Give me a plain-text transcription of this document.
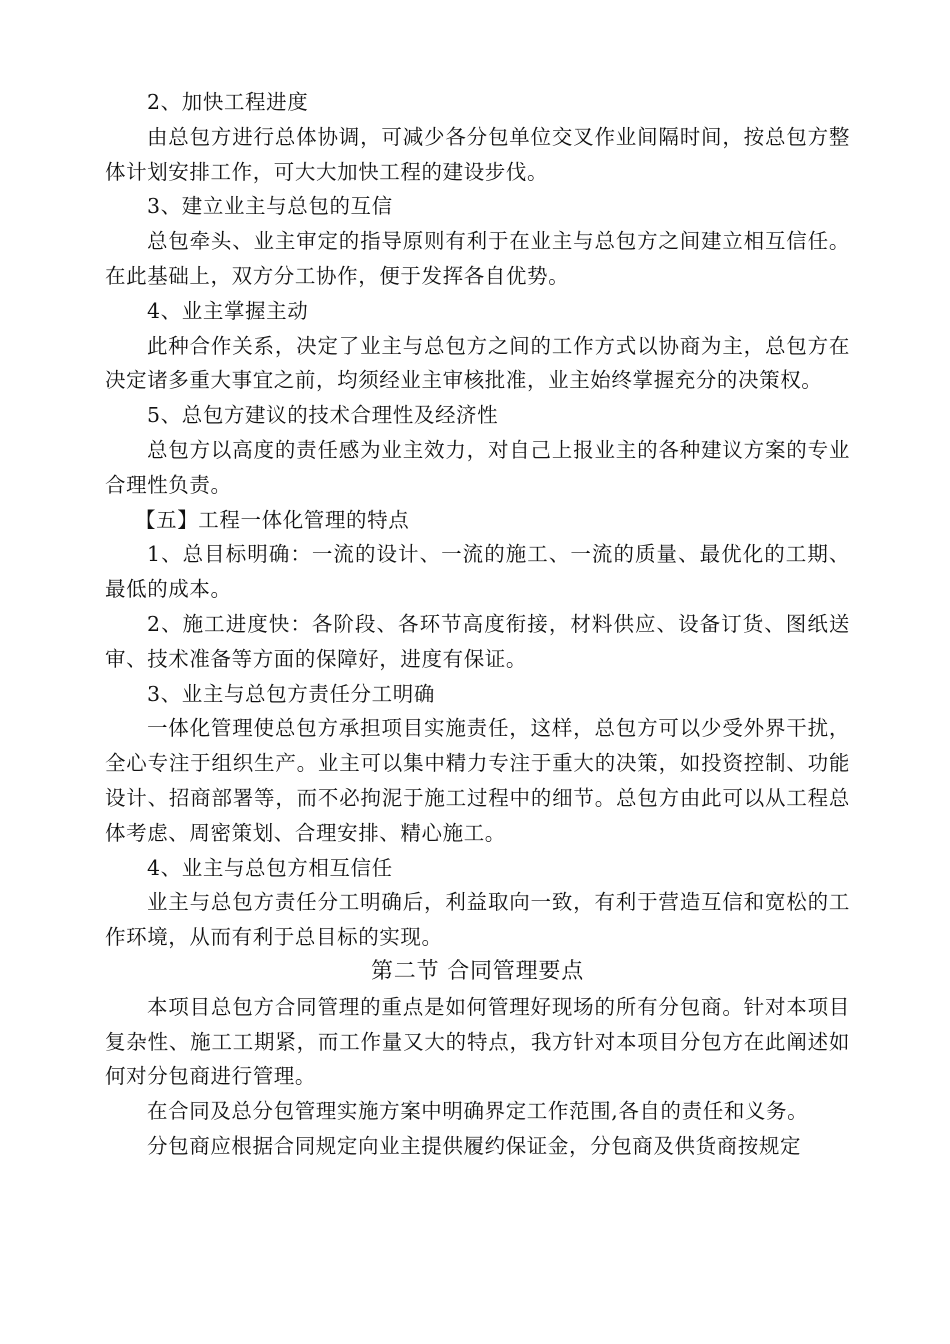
2、加快工程进度

由总包方进行总体协调，可减少各分包单位交叉作业间隔时间，按总包方整体计划安排工作，可大大加快工程的建设步伐。

3、建立业主与总包的互信

总包牵头、业主审定的指导原则有利于在业主与总包方之间建立相互信任。在此基础上，双方分工协作，便于发挥各自优势。

4、业主掌握主动

此种合作关系，决定了业主与总包方之间的工作方式以协商为主，总包方在决定诸多重大事宜之前，均须经业主审核批准，业主始终掌握充分的决策权。

5、总包方建议的技术合理性及经济性

总包方以高度的责任感为业主效力，对自己上报业主的各种建议方案的专业合理性负责。

【五】工程一体化管理的特点

1、总目标明确：一流的设计、一流的施工、一流的质量、最优化的工期、最低的成本。

2、施工进度快：各阶段、各环节高度衔接，材料供应、设备订货、图纸送审、技术准备等方面的保障好，进度有保证。

3、业主与总包方责任分工明确

一体化管理使总包方承担项目实施责任，这样，总包方可以少受外界干扰，全心专注于组织生产。业主可以集中精力专注于重大的决策，如投资控制、功能设计、招商部署等，而不必拘泥于施工过程中的细节。总包方由此可以从工程总体考虑、周密策划、合理安排、精心施工。

4、业主与总包方相互信任

业主与总包方责任分工明确后，利益取向一致，有利于营造互信和宽松的工作环境，从而有利于总目标的实现。

第二节 合同管理要点

本项目总包方合同管理的重点是如何管理好现场的所有分包商。针对本项目复杂性、施工工期紧，而工作量又大的特点，我方针对本项目分包方在此阐述如何对分包商进行管理。

在合同及总分包管理实施方案中明确界定工作范围,各自的责任和义务。

分包商应根据合同规定向业主提供履约保证金，分包商及供货商按规定
